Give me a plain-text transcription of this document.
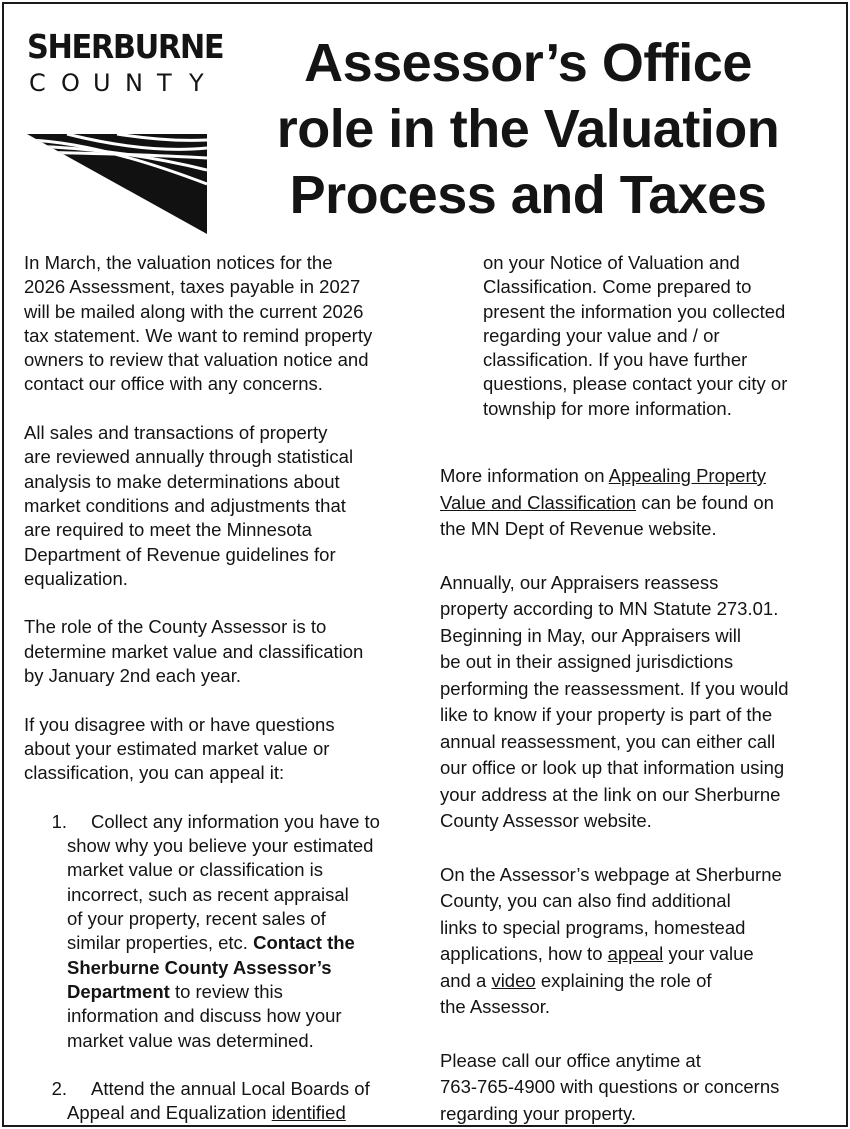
SHERBURNE
C O U N T Y	Assessor’s Office
role in the Valuation
Process and Taxes

In March, the valuation notices for the

2026 Assessment, taxes payable in 2027

will be mailed along with the current 2026

tax statement. We want to remind property

owners to review that valuation notice and

contact our office with any concerns.

All sales and transactions of property

are reviewed annually through statistical

analysis to make determinations about

market conditions and adjustments that

are required to meet the Minnesota

Department of Revenue guidelines for

equalization.

The role of the County Assessor is to

determine market value and classification

by January 2nd each year.

If you disagree with or have questions

about your estimated market value or

classification, you can appeal it:

1. Collect any information you have to

show why you believe your estimated

market value or classification is

incorrect, such as recent appraisal

of your property, recent sales of

similar properties, etc. Contact the

Sherburne County Assessor’s

Department to review this

information and discuss how your

market value was determined.

2. Attend the annual Local Boards of

Appeal and Equalization identified

on your Notice of Valuation and

Classification. Come prepared to

present the information you collected

regarding your value and / or

classification. If you have further

questions, please contact your city or

township for more information.

More information on Appealing Property

Value and Classification can be found on

the MN Dept of Revenue website.

Annually, our Appraisers reassess

property according to MN Statute 273.01.

Beginning in May, our Appraisers will

be out in their assigned jurisdictions

performing the reassessment. If you would

like to know if your property is part of the

annual reassessment, you can either call

our office or look up that information using

your address at the link on our Sherburne

County Assessor website.

On the Assessor’s webpage at Sherburne

County, you can also find additional

links to special programs, homestead

applications, how to appeal your value

and a video explaining the role of

the Assessor.

Please call our office anytime at

763-765-4900 with questions or concerns

regarding your property.
